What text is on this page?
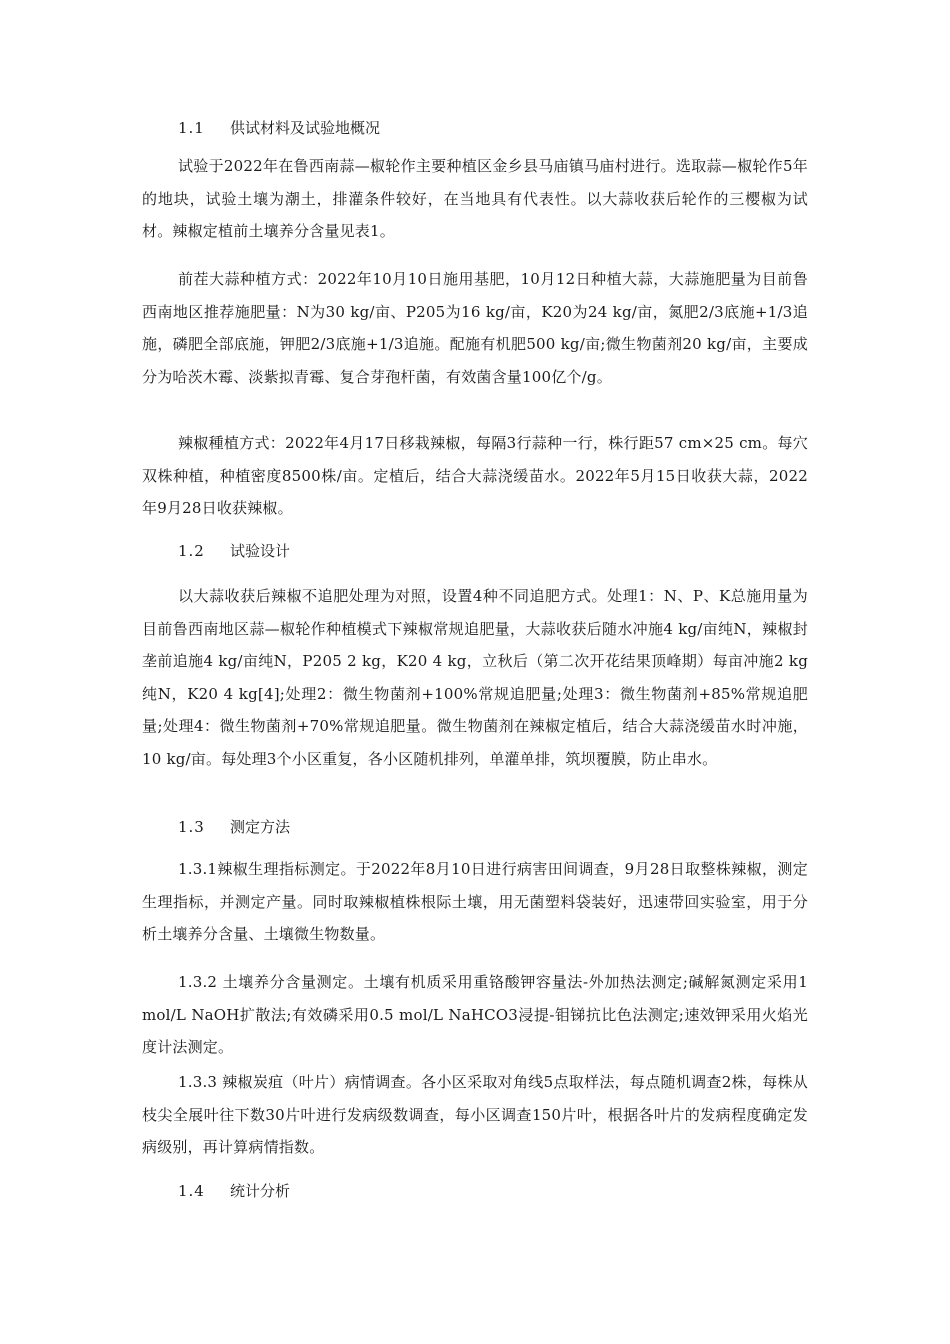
1.1 供试材料及试验地概况

试验于2022年在鲁西南蒜—椒轮作主要种植区金乡县马庙镇马庙村进行。选取蒜—椒轮作5年的地块，试验土壤为潮土，排灌条件较好，在当地具有代表性。以大蒜收获后轮作的三樱椒为试材。辣椒定植前土壤养分含量见表1。

前茬大蒜种植方式：2022年10月10日施用基肥，10月12日种植大蒜，大蒜施肥量为目前鲁西南地区推荐施肥量：N为30 kg/亩、P205为16 kg/亩，K20为24 kg/亩，氮肥2/3底施+1/3追施，磷肥全部底施，钾肥2/3底施+1/3追施。配施有机肥500 kg/亩;微生物菌剂20 kg/亩，主要成分为哈茨木霉、淡紫拟青霉、复合芽孢杆菌，有效菌含量100亿个/g。

辣椒種植方式：2022年4月17日移栽辣椒，每隔3行蒜种一行，株行距57 cm×25 cm。每穴双株种植，种植密度8500株/亩。定植后，结合大蒜浇缓苗水。2022年5月15日收获大蒜，2022年9月28日收获辣椒。

1.2 试验设计

以大蒜收获后辣椒不追肥处理为对照，设置4种不同追肥方式。处理1：N、P、K总施用量为目前鲁西南地区蒜—椒轮作种植模式下辣椒常规追肥量，大蒜收获后随水冲施4 kg/亩纯N，辣椒封垄前追施4 kg/亩纯N，P205 2 kg，K20 4 kg，立秋后（第二次开花结果顶峰期）每亩冲施2 kg纯N，K20 4 kg[4];处理2：微生物菌剂+100%常规追肥量;处理3：微生物菌剂+85%常规追肥量;处理4：微生物菌剂+70%常规追肥量。微生物菌剂在辣椒定植后，结合大蒜浇缓苗水时冲施，10 kg/亩。每处理3个小区重复，各小区随机排列，单灌单排，筑坝覆膜，防止串水。

1.3 测定方法

1.3.1辣椒生理指标测定。于2022年8月10日进行病害田间调查，9月28日取整株辣椒，测定生理指标，并测定产量。同时取辣椒植株根际土壤，用无菌塑料袋装好，迅速带回实验室，用于分析土壤养分含量、土壤微生物数量。

1.3.2 土壤养分含量测定。土壤有机质采用重铬酸钾容量法-外加热法测定;碱解氮测定采用1 mol/L NaOH扩散法;有效磷采用0.5 mol/L NaHCO3浸提-钼锑抗比色法测定;速效钾采用火焰光度计法测定。

1.3.3 辣椒炭疽（叶片）病情调查。各小区采取对角线5点取样法，每点随机调查2株，每株从枝尖全展叶往下数30片叶进行发病级数调查，每小区调查150片叶，根据各叶片的发病程度确定发病级别，再计算病情指数。

1.4 统计分析
